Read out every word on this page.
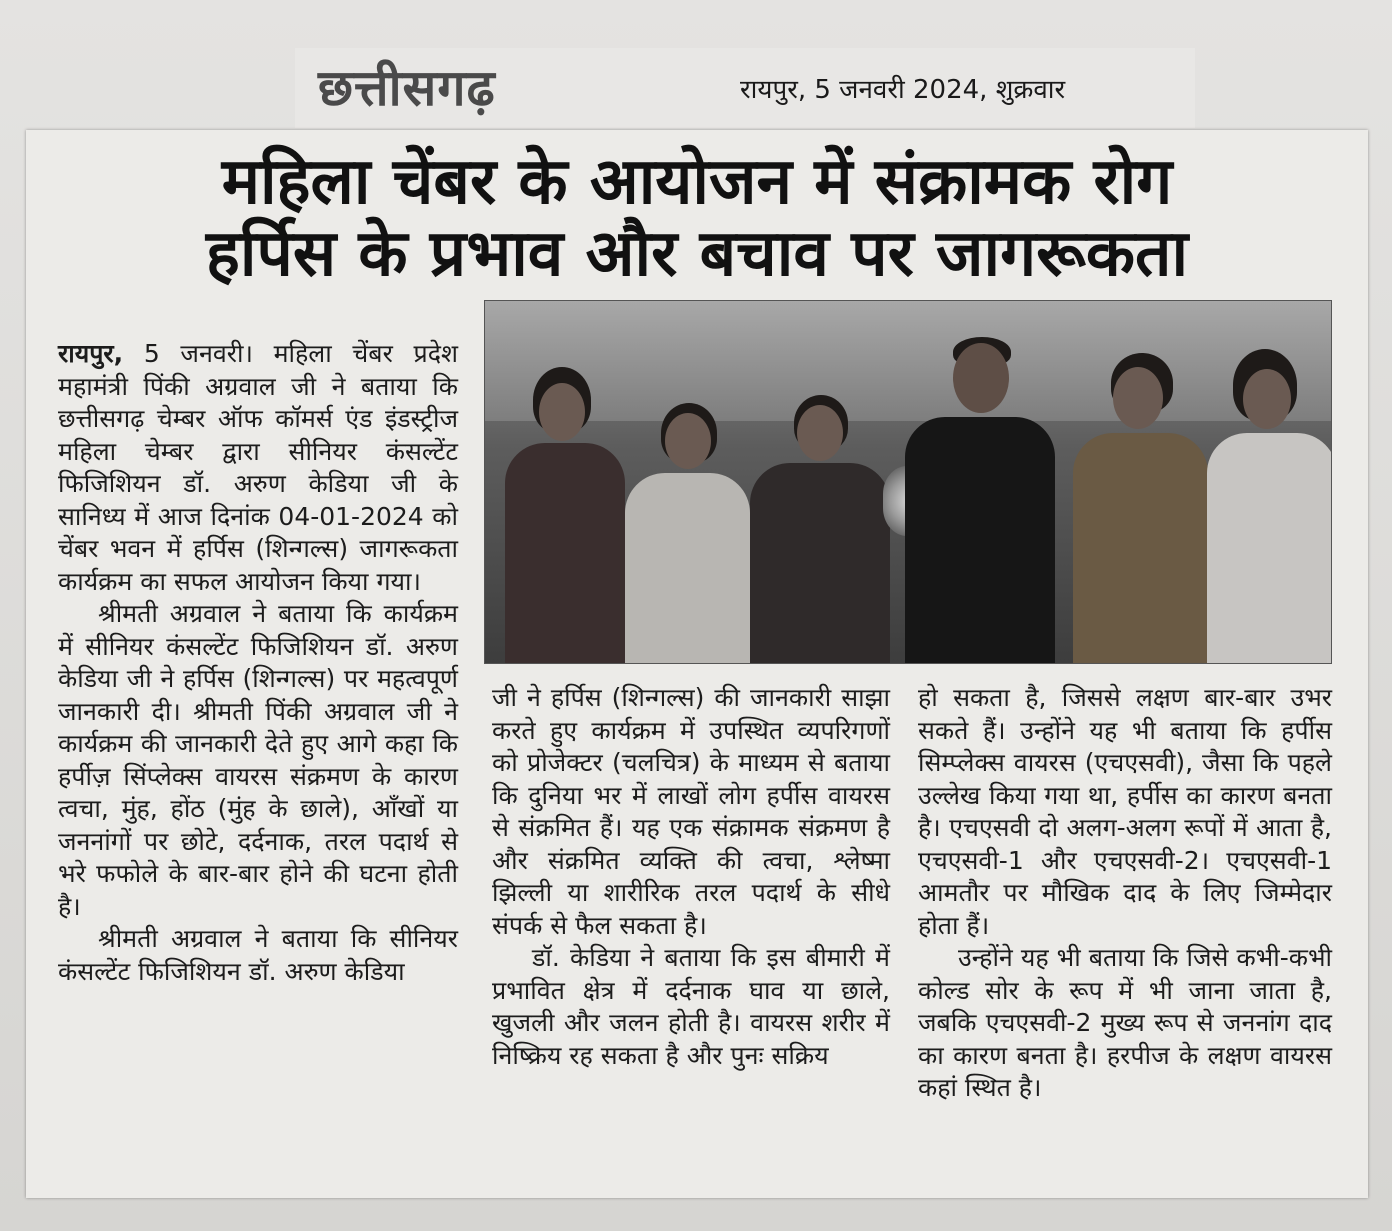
छत्तीसगढ़	रायपुर, 5 जनवरी 2024, शुक्रवार
महिला चेंबर के आयोजन में संक्रामक रोग
हर्पिस के प्रभाव और बचाव पर जागरूकता

रायपुर, 5 जनवरी। महिला चेंबर प्रदेश महामंत्री पिंकी अग्रवाल जी ने बताया कि छत्तीसगढ़ चेम्बर ऑफ कॉमर्स एंड इंडस्ट्रीज महिला चेम्बर द्वारा सीनियर कंसल्टेंट फिजिशियन डॉ. अरुण केडिया जी के सानिध्य में आज दिनांक 04-01-2024 को चेंबर भवन में हर्पिस (शिन्गल्स) जागरूकता कार्यक्रम का सफल आयोजन किया गया।

श्रीमती अग्रवाल ने बताया कि कार्यक्रम में सीनियर कंसल्टेंट फिजिशियन डॉ. अरुण केडिया जी ने हर्पिस (शिन्गल्स) पर महत्वपूर्ण जानकारी दी। श्रीमती पिंकी अग्रवाल जी ने कार्यक्रम की जानकारी देते हुए आगे कहा कि हर्पीज़ सिंप्लेक्स वायरस संक्रमण के कारण त्वचा, मुंह, होंठ (मुंह के छाले), आँखों या जननांगों पर छोटे, दर्दनाक, तरल पदार्थ से भरे फफोले के बार-बार होने की घटना होती है।

श्रीमती अग्रवाल ने बताया कि सीनियर कंसल्टेंट फिजिशियन डॉ. अरुण केडिया

जी ने हर्पिस (शिन्गल्स) की जानकारी साझा करते हुए कार्यक्रम में उपस्थित व्यपरिगणों को प्रोजेक्टर (चलचित्र) के माध्यम से बताया कि दुनिया भर में लाखों लोग हर्पीस वायरस से संक्रमित हैं। यह एक संक्रामक संक्रमण है और संक्रमित व्यक्ति की त्वचा, श्लेष्मा झिल्ली या शारीरिक तरल पदार्थ के सीधे संपर्क से फैल सकता है।

डॉ. केडिया ने बताया कि इस बीमारी में प्रभावित क्षेत्र में दर्दनाक घाव या छाले, खुजली और जलन होती है। वायरस शरीर में निष्क्रिय रह सकता है और पुनः सक्रिय

हो सकता है, जिससे लक्षण बार-बार उभर सकते हैं। उन्होंने यह भी बताया कि हर्पीस सिम्प्लेक्स वायरस (एचएसवी), जैसा कि पहले उल्लेख किया गया था, हर्पीस का कारण बनता है। एचएसवी दो अलग-अलग रूपों में आता है, एचएसवी-1 और एचएसवी-2। एचएसवी-1 आमतौर पर मौखिक दाद के लिए जिम्मेदार होता हैं।

उन्होंने यह भी बताया कि जिसे कभी-कभी कोल्ड सोर के रूप में भी जाना जाता है, जबकि एचएसवी-2 मुख्य रूप से जननांग दाद का कारण बनता है। हरपीज के लक्षण वायरस कहां स्थित है।
